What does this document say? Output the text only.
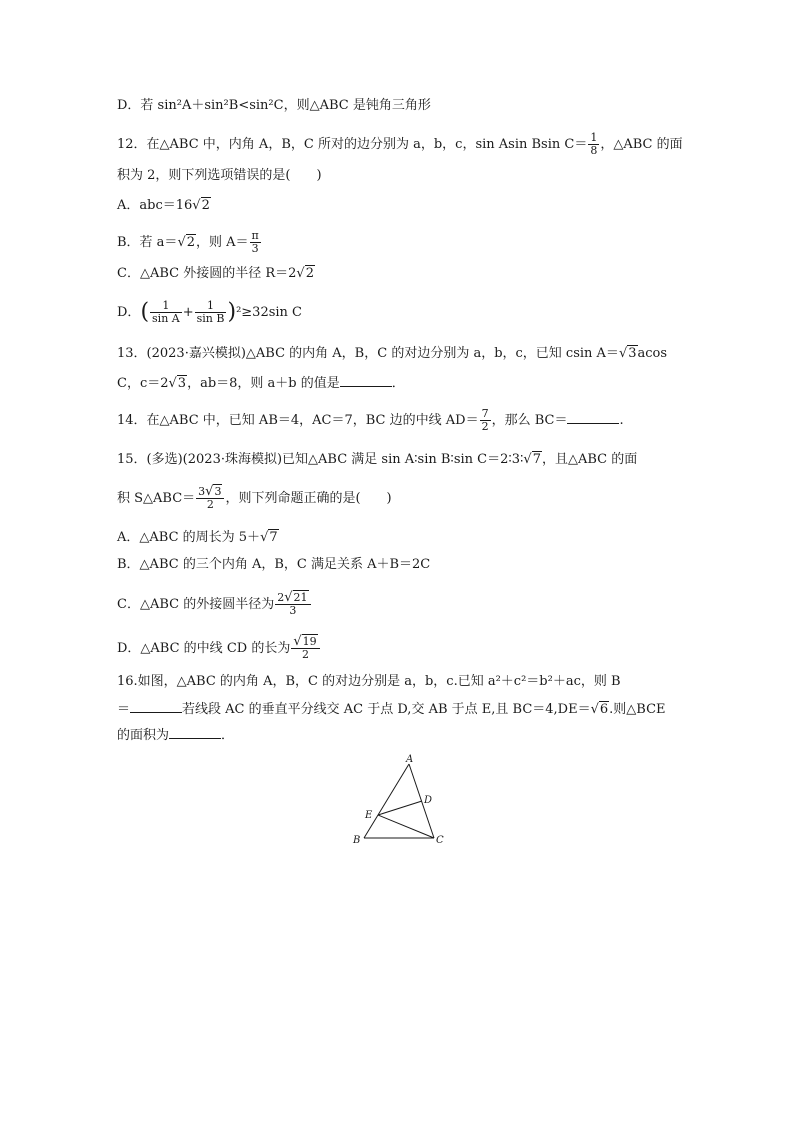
D．若 sin²A＋sin²B<sin²C，则△ABC 是钝角三角形
12．在△ABC 中，内角 A，B，C 所对的边分别为 a，b，c，sin Asin Bsin $C= \frac{1}{8}$ ，△ABC 的面
积为 2，则下列选项错误的是(　　)
A．abc＝16√2
B．若 a＝√2，则 $A= \frac{\pi}{3}$
C．△ABC 外接圆的半径 R＝2√2
D．( $\frac{1}{\text{sin A}} + \frac{1}{\text{sin B}} )^2\ge 32\sin$ C
13．(2023·嘉兴模拟)△ABC 的内角 A，B，C 的对边分别为 a，b，c，已知 csin A＝√3acos
C，c＝2√3，ab＝8，则 a＋b 的值是	．
14．在△ABC 中，已知 AB＝4，AC＝7，BC 边的中线 $AD= \frac{7}{2}$ ，那么 BC＝	.
15．(多选)(2023·珠海模拟)已知△ABC 满足 sin A∶sin B∶sin C＝2∶3∶√7，且△ABC 的面
积 S△ABC＝ $\frac{3√3}{2}$ ，则下列命题正确的是(　　)
A．△ABC 的周长为 5＋√7
B．△ABC 的三个内角 A，B，C 满足关系 A＋B＝2C
C．△ABC 的外接圆半径为 $\frac{2√21}{3}$
D．△ABC 的中线 CD 的长为 $\frac{√19}{2}$
16.如图，△ABC 的内角 A，B，C 的对边分别是 a，b，c.已知 a²＋c²＝b²＋ac，则 B
＝	若线段 AC 的垂直平分线交 AC 于点 D,交 AB 于点 E,且 BC＝4,DE＝√6.则△BCE
的面积为	．
A
D
E
B	C
